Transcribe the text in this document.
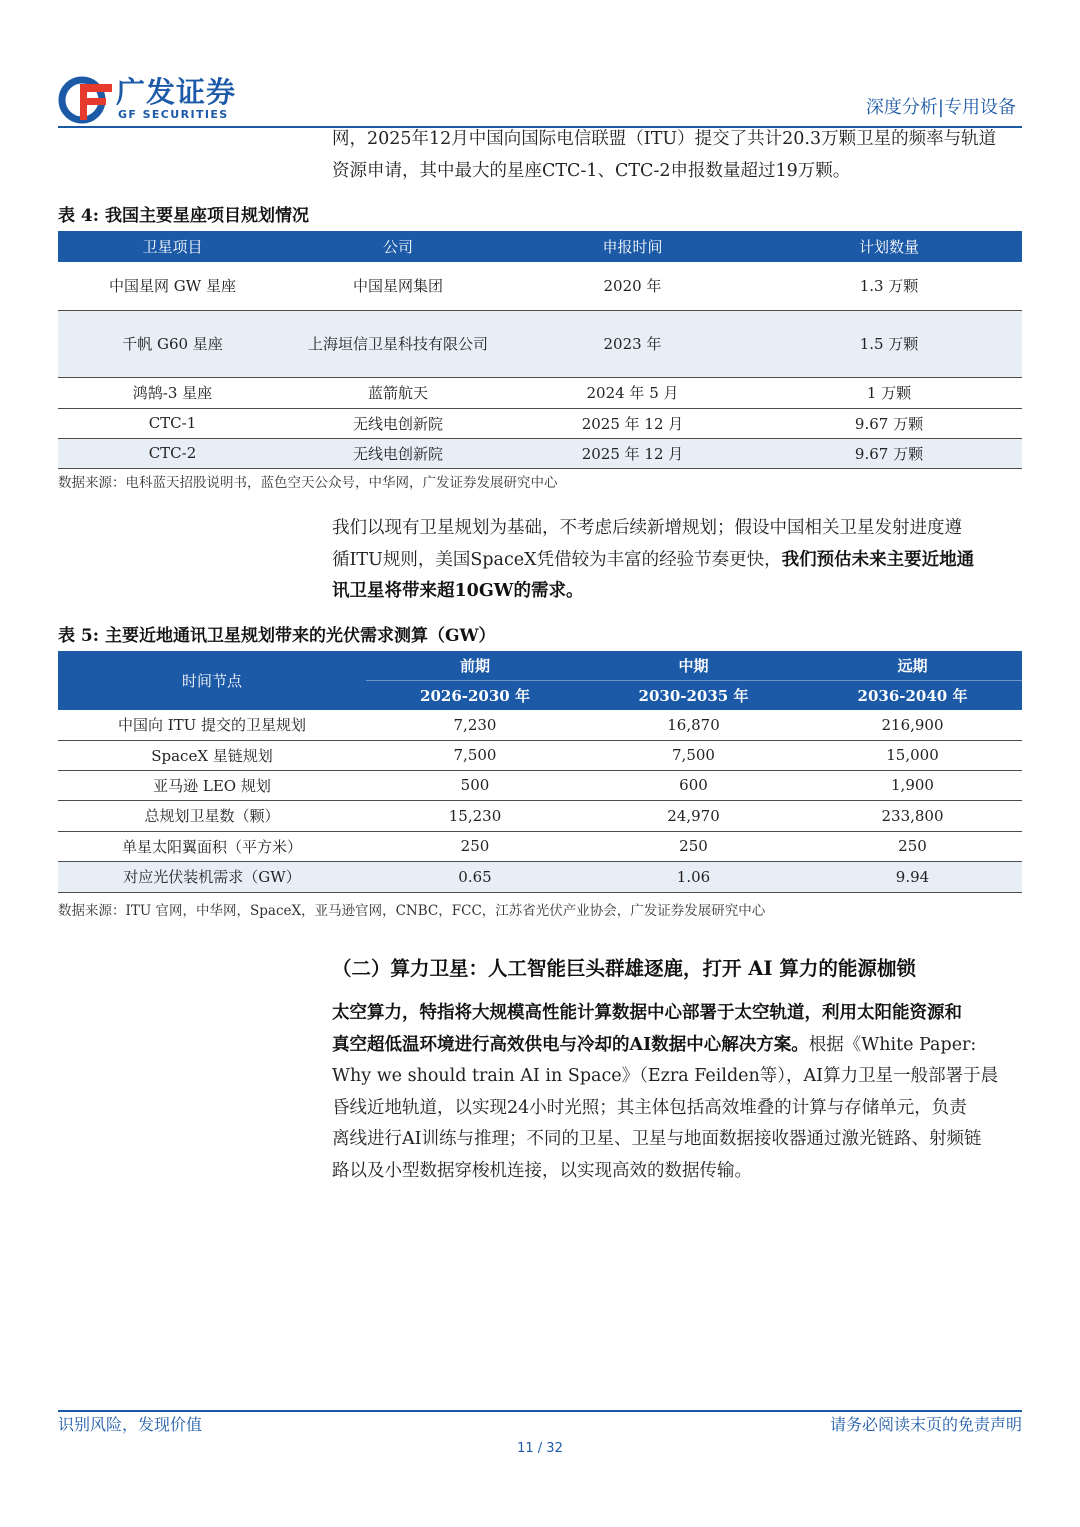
广发证券
GF SECURITIES	深度分析|专用设备
网，2025年12月中国向国际电信联盟（ITU）提交了共计20.3万颗卫星的频率与轨道
资源申请，其中最大的星座CTC-1、CTC-2申报数量超过19万颗。
表 4: 我国主要星座项目规划情况
卫星项目	公司	申报时间	计划数量
中国星网 GW 星座	中国星网集团	2020 年	1.3 万颗
千帆 G60 星座	上海垣信卫星科技有限公司	2023 年	1.5 万颗
鸿鹄-3 星座	蓝箭航天	2024 年 5 月	1 万颗
CTC-1	无线电创新院	2025 年 12 月	9.67 万颗
CTC-2	无线电创新院	2025 年 12 月	9.67 万颗
数据来源：电科蓝天招股说明书，蓝色空天公众号，中华网，广发证券发展研究中心
我们以现有卫星规划为基础，不考虑后续新增规划；假设中国相关卫星发射进度遵
循ITU规则，美国SpaceX凭借较为丰富的经验节奏更快，我们预估未来主要近地通
讯卫星将带来超10GW的需求。
表 5: 主要近地通讯卫星规划带来的光伏需求测算（GW）
时间节点	前期	中期	远期
	2026-2030 年	2030-2035 年	2036-2040 年
中国向 ITU 提交的卫星规划	7,230	16,870	216,900
SpaceX 星链规划	7,500	7,500	15,000
亚马逊 LEO 规划	500	600	1,900
总规划卫星数（颗）	15,230	24,970	233,800
单星太阳翼面积（平方米）	250	250	250
对应光伏装机需求（GW）	0.65	1.06	9.94
数据来源：ITU 官网，中华网，SpaceX，亚马逊官网，CNBC，FCC，江苏省光伏产业协会，广发证券发展研究中心
（二）算力卫星：人工智能巨头群雄逐鹿，打开 AI 算力的能源枷锁
太空算力，特指将大规模高性能计算数据中心部署于太空轨道，利用太阳能资源和
真空超低温环境进行高效供电与冷却的AI数据中心解决方案。根据《White Paper:
Why we should train AI in Space》（Ezra Feilden等），AI算力卫星一般部署于晨
昏线近地轨道，以实现24小时光照；其主体包括高效堆叠的计算与存储单元，负责
离线进行AI训练与推理；不同的卫星、卫星与地面数据接收器通过激光链路、射频链
路以及小型数据穿梭机连接，以实现高效的数据传输。
识别风险，发现价值	请务必阅读末页的免责声明
11 / 32
